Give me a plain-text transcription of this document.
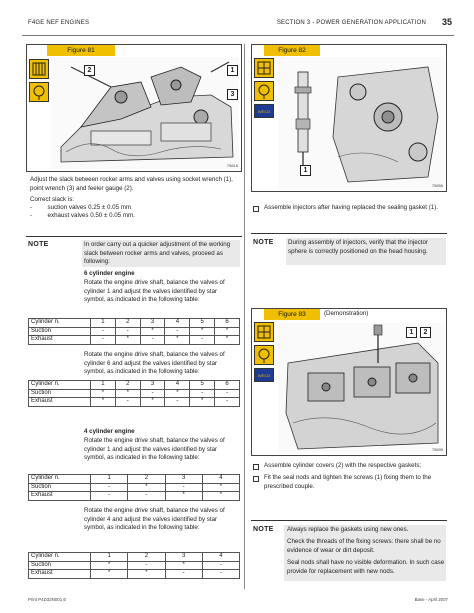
F4GE NEF ENGINES	SECTION 3 - POWER GENERATION APPLICATION 35
Figure 81
2	1
3
75616
Adjust the slack between rocker arms and valves using socket wrench (1), point wrench (3) and feeler gauge (2).
Correct slack is:
- suction valves 0.25 ± 0.05 mm
- exhaust valves 0.50 ± 0.05 mm.
NOTE	In order carry out a quicker adjustment of the working slack between rocker arms and valves, proceed as following:
6 cylinder engine
Rotate the engine drive shaft, balance the valves of cylinder 1 and adjust the valves identified by star symbol, as indicated in the following table:
Cylinder n.	1	2	3	4	5	6
Suction	-	-	*	-	*	*
Exhaust	-	*	-	*	-	*
Rotate the engine drive shaft, balance the valves of cylinder 6 and adjust the valves identified by star symbol, as indicated in the following table:
Cylinder n.	1	2	3	4	5	6
Suction	*	*	-	*	-	-
Exhaust	*	-	*	-	*	-
4 cylinder engine
Rotate the engine drive shaft, balance the valves of cylinder 1 and adjust the valves identified by star symbol, as indicated in the following table:
Cylinder n.	1	2	3	4
Suction	-	*	-	*
Exhaust	-	-	*	*
Rotate the engine drive shaft, balance the valves of cylinder 4 and adjust the valves identified by star symbol, as indicated in the following table:
Cylinder n.	1	2	3	4
Suction	*	-	*	-
Exhaust	*	*	-	-
Figure 82
IVECO
1
75656
Assemble injectors after having replaced the sealing gasket (1).
NOTE During assembly of injectors, verify that the injector sphere is correctly positioned on the head housing.
Figure 83	(Demonstration)
IVECO
1	2
75699
Assemble cylinder covers (2) with the respective gaskets;
Fit the seal nods and tighten the screws (1) fixing them to the prescribed couple.
NOTE Always replace the gaskets using new ones.
Check the threads of the fixing screws: there shall be no evidence of wear or dirt deposit.
Seal nods shall have no visible deformation. In such case provide for replacement with new nods.
Print P4D32N001 E	Base - April 2007
